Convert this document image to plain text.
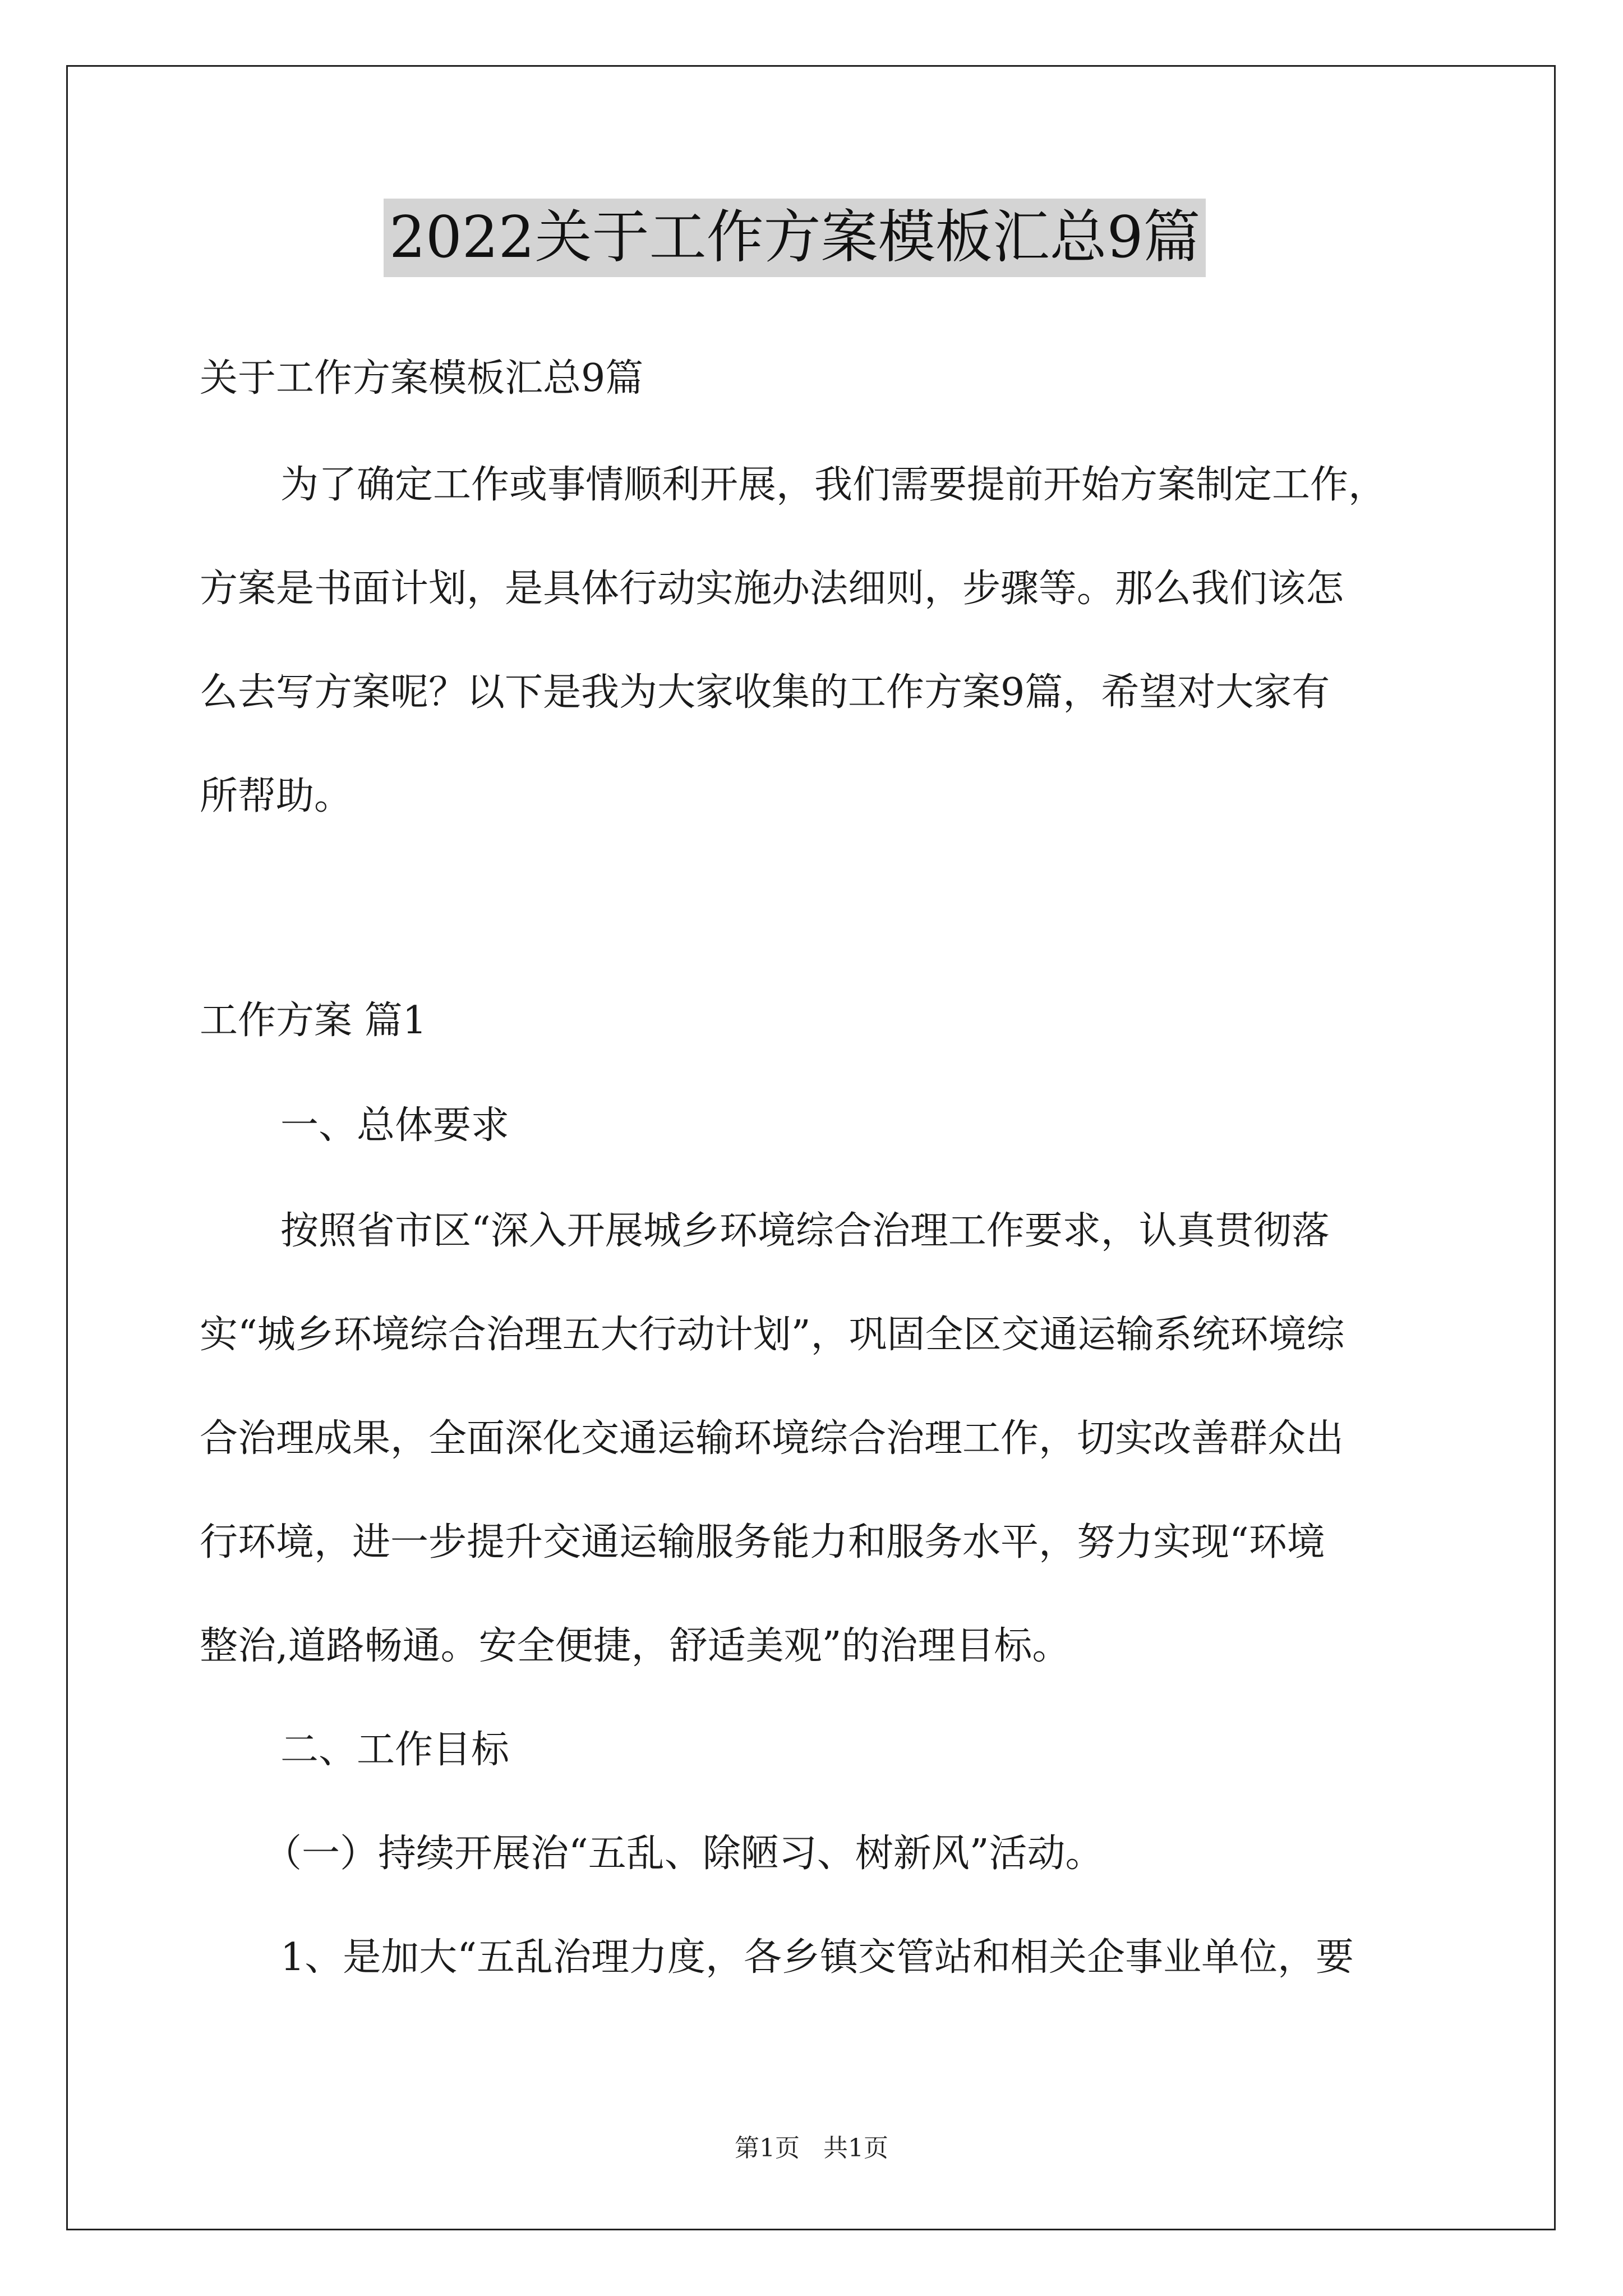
2022关于工作方案模板汇总9篇
关于工作方案模板汇总9篇
为了确定工作或事情顺利开展，我们需要提前开始方案制定工作，
方案是书面计划，是具体行动实施办法细则，步骤等。那么我们该怎
么去写方案呢？以下是我为大家收集的工作方案9篇，希望对大家有
所帮助。
工作方案 篇1
一、总体要求
按照省市区“深入开展城乡环境综合治理工作要求，认真贯彻落
实“城乡环境综合治理五大行动计划”，巩固全区交通运输系统环境综
合治理成果，全面深化交通运输环境综合治理工作，切实改善群众出
行环境，进一步提升交通运输服务能力和服务水平，努力实现“环境
整治,道路畅通。安全便捷，舒适美观”的治理目标。
二、工作目标
（一）持续开展治“五乱、除陋习、树新风”活动。
1、是加大“五乱治理力度，各乡镇交管站和相关企事业单位，要
第1页   共1页
